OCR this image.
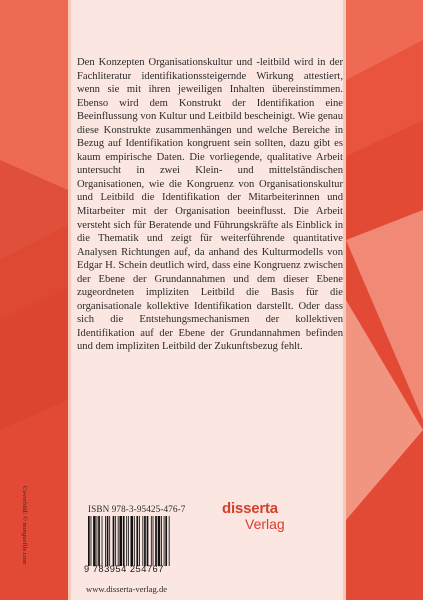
Den Konzepten Organisationskultur und -leitbild wird in der Fachliteratur identifikationssteigernde Wirkung attestiert, wenn sie mit ihren jeweiligen Inhalten übereinstimmen. Ebenso wird dem Konstrukt der Identifikation eine Beeinflussung von Kultur und Leitbild bescheinigt. Wie genau diese Konstrukte zusammenhängen und welche Bereiche in Bezug auf Identifikation kongruent sein sollten, dazu gibt es kaum empirische Daten. Die vorliegende, qualitative Arbeit untersucht in zwei Klein- und mittelständischen Organisationen, wie die Kongruenz von Organisationskultur und Leitbild die Identifikation der Mitarbeiterinnen und Mitarbeiter mit der Organisation beeinflusst. Die Arbeit versteht sich für Beratende und Führungskräfte als Einblick in die Thematik und zeigt für weiterführende quantitative Analysen Richtungen auf, da anhand des Kulturmodells von Edgar H. Schein deutlich wird, dass eine Kongruenz zwischen der Ebene der Grundannahmen und dem dieser Ebene zugeordneten impliziten Leitbild die Basis für die organisationale kollektive Identifikation darstellt. Oder dass sich die Entstehungsmechanismen der kollektiven Identifikation auf der Ebene der Grundannahmen befinden und dem impliziten Leitbild der Zukunftsbezug fehlt.
ISBN 978-3-95425-476-7
9 783954 254767
www.disserta-verlag.de
disserta
Verlag
Coverbild: © morguefile.com
